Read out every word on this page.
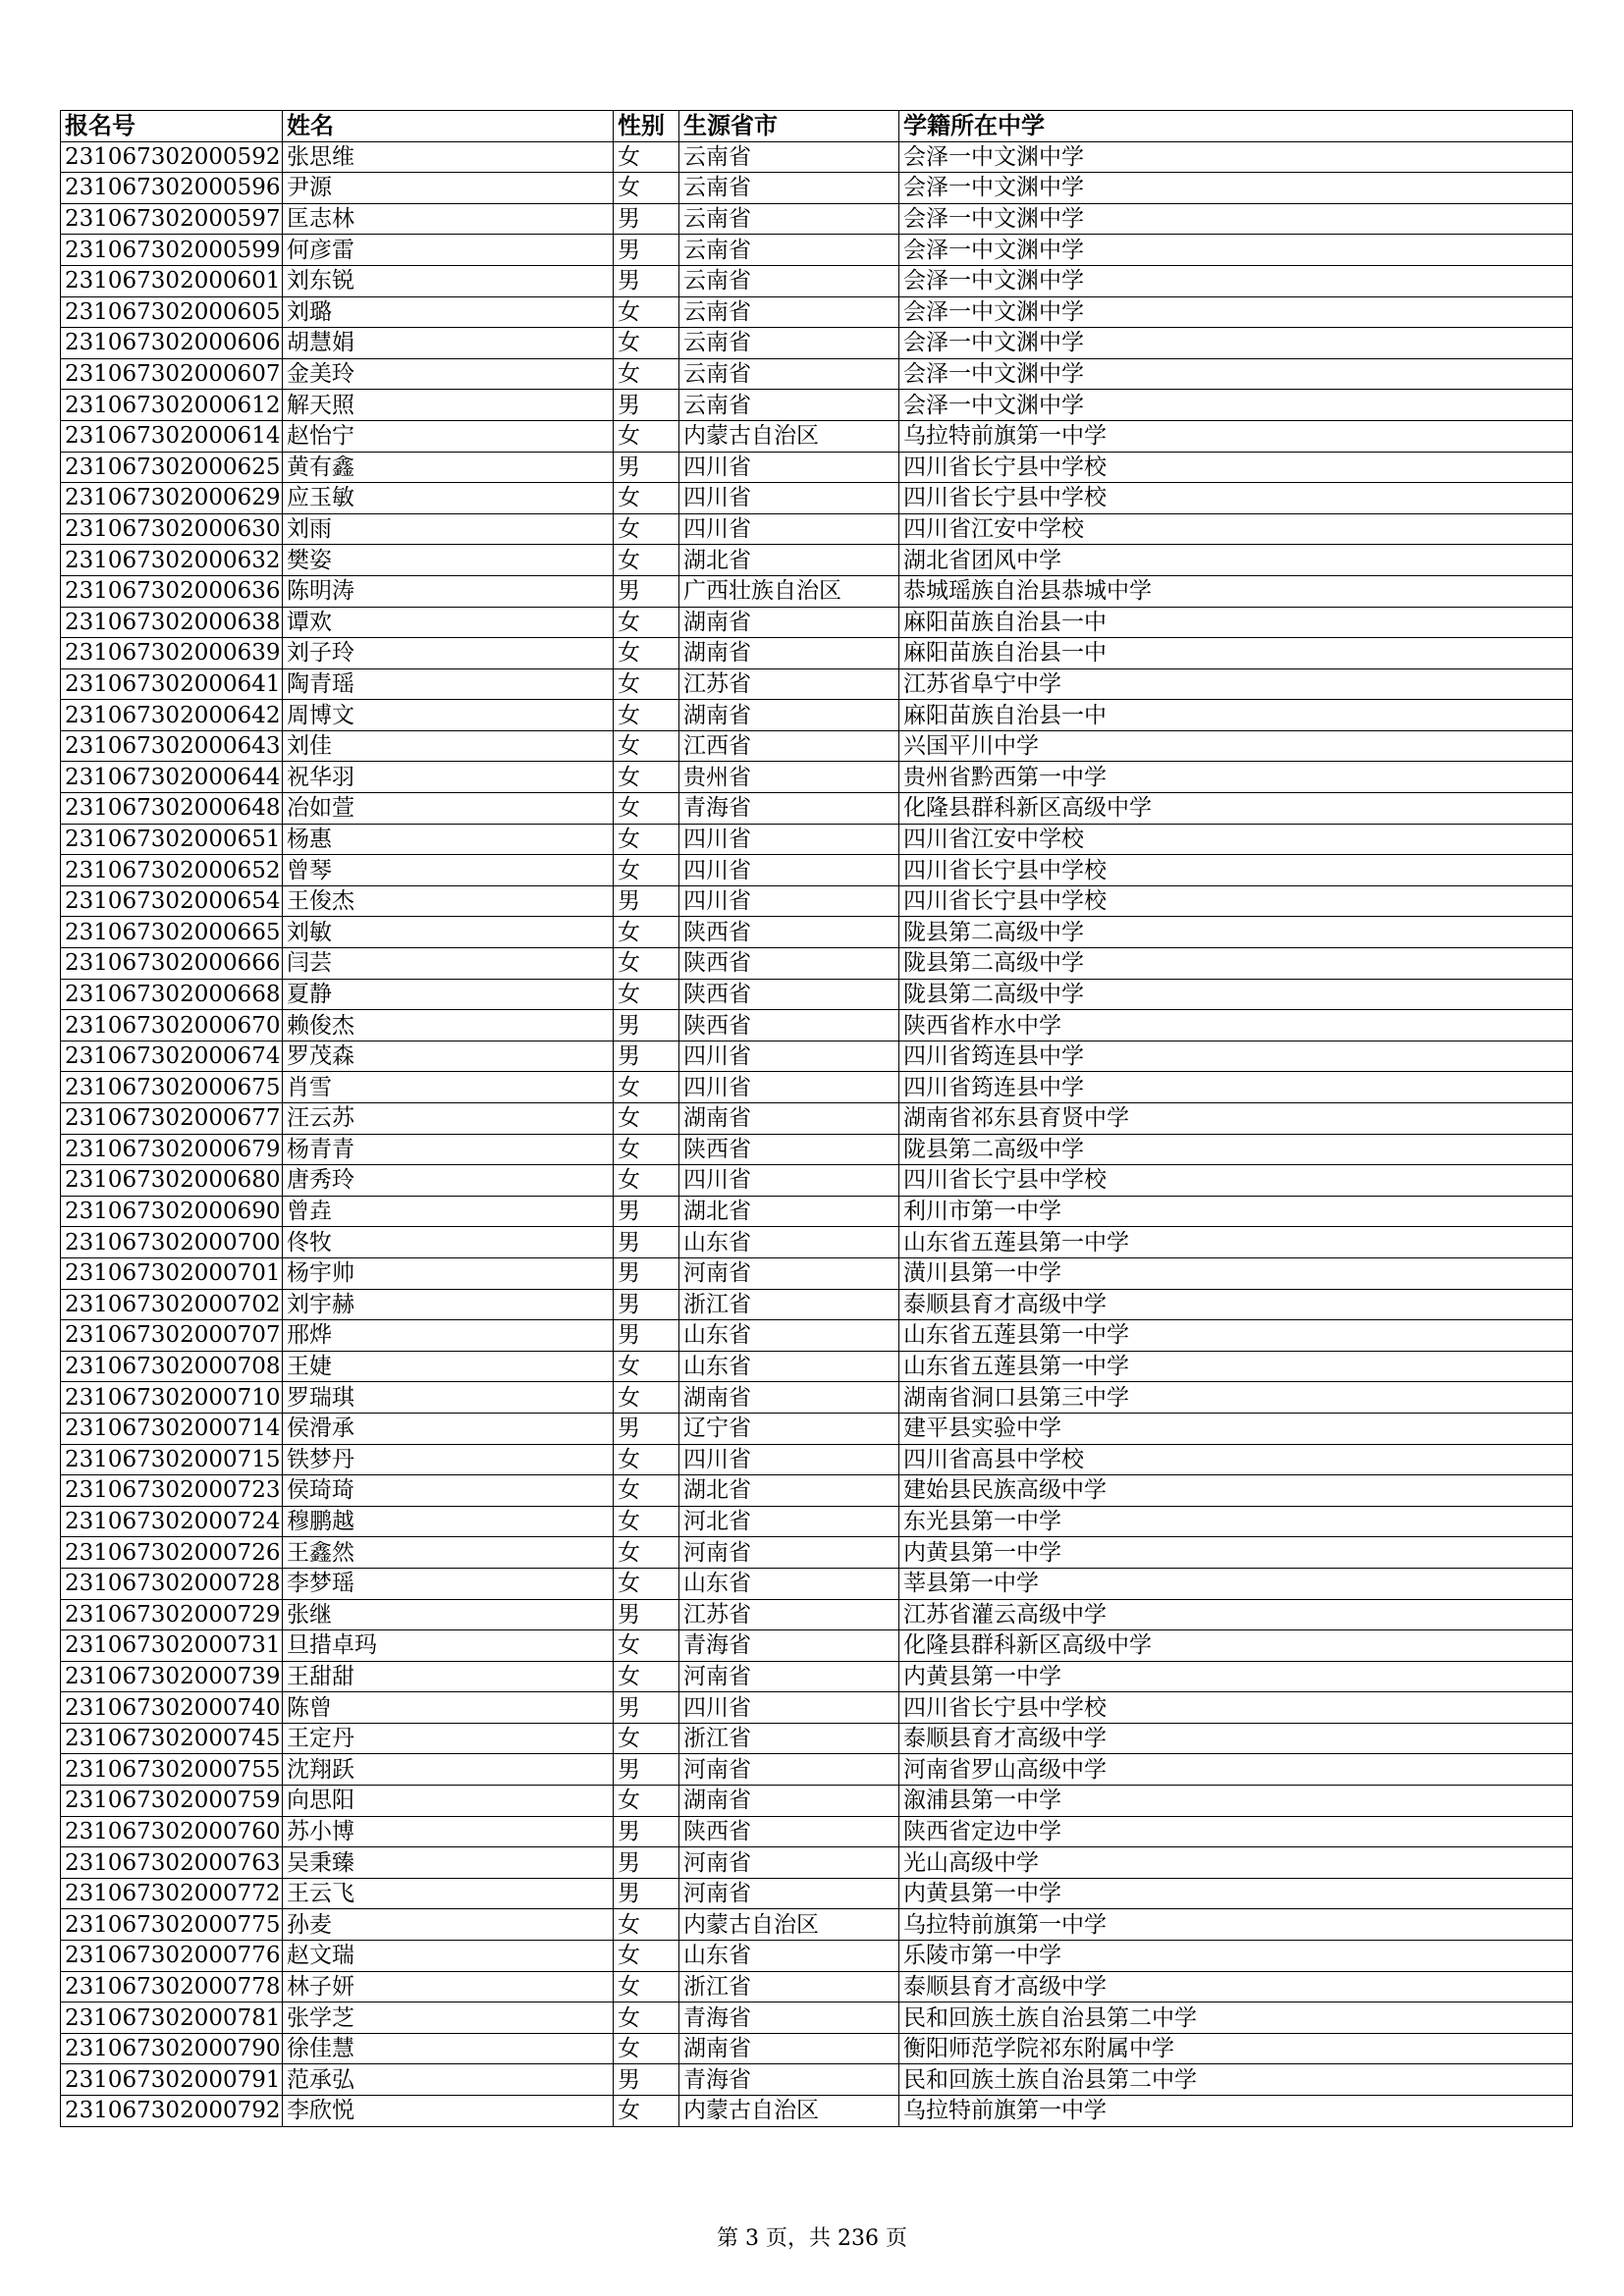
报名号	姓名	性别	生源省市	学籍所在中学
231067302000592	张思维	女	云南省	会泽一中文渊中学
231067302000596	尹源	女	云南省	会泽一中文渊中学
231067302000597	匡志林	男	云南省	会泽一中文渊中学
231067302000599	何彦雷	男	云南省	会泽一中文渊中学
231067302000601	刘东锐	男	云南省	会泽一中文渊中学
231067302000605	刘璐	女	云南省	会泽一中文渊中学
231067302000606	胡慧娟	女	云南省	会泽一中文渊中学
231067302000607	金美玲	女	云南省	会泽一中文渊中学
231067302000612	解天照	男	云南省	会泽一中文渊中学
231067302000614	赵怡宁	女	内蒙古自治区	乌拉特前旗第一中学
231067302000625	黄有鑫	男	四川省	四川省长宁县中学校
231067302000629	应玉敏	女	四川省	四川省长宁县中学校
231067302000630	刘雨	女	四川省	四川省江安中学校
231067302000632	樊姿	女	湖北省	湖北省团风中学
231067302000636	陈明涛	男	广西壮族自治区	恭城瑶族自治县恭城中学
231067302000638	谭欢	女	湖南省	麻阳苗族自治县一中
231067302000639	刘子玲	女	湖南省	麻阳苗族自治县一中
231067302000641	陶青瑶	女	江苏省	江苏省阜宁中学
231067302000642	周博文	女	湖南省	麻阳苗族自治县一中
231067302000643	刘佳	女	江西省	兴国平川中学
231067302000644	祝华羽	女	贵州省	贵州省黔西第一中学
231067302000648	冶如萱	女	青海省	化隆县群科新区高级中学
231067302000651	杨惠	女	四川省	四川省江安中学校
231067302000652	曾琴	女	四川省	四川省长宁县中学校
231067302000654	王俊杰	男	四川省	四川省长宁县中学校
231067302000665	刘敏	女	陕西省	陇县第二高级中学
231067302000666	闫芸	女	陕西省	陇县第二高级中学
231067302000668	夏静	女	陕西省	陇县第二高级中学
231067302000670	赖俊杰	男	陕西省	陕西省柞水中学
231067302000674	罗茂森	男	四川省	四川省筠连县中学
231067302000675	肖雪	女	四川省	四川省筠连县中学
231067302000677	汪云苏	女	湖南省	湖南省祁东县育贤中学
231067302000679	杨青青	女	陕西省	陇县第二高级中学
231067302000680	唐秀玲	女	四川省	四川省长宁县中学校
231067302000690	曾垚	男	湖北省	利川市第一中学
231067302000700	佟牧	男	山东省	山东省五莲县第一中学
231067302000701	杨宇帅	男	河南省	潢川县第一中学
231067302000702	刘宇赫	男	浙江省	泰顺县育才高级中学
231067302000707	邢烨	男	山东省	山东省五莲县第一中学
231067302000708	王婕	女	山东省	山东省五莲县第一中学
231067302000710	罗瑞琪	女	湖南省	湖南省洞口县第三中学
231067302000714	侯滑承	男	辽宁省	建平县实验中学
231067302000715	铁梦丹	女	四川省	四川省高县中学校
231067302000723	侯琦琦	女	湖北省	建始县民族高级中学
231067302000724	穆鹏越	女	河北省	东光县第一中学
231067302000726	王鑫然	女	河南省	内黄县第一中学
231067302000728	李梦瑶	女	山东省	莘县第一中学
231067302000729	张继	男	江苏省	江苏省灌云高级中学
231067302000731	旦措卓玛	女	青海省	化隆县群科新区高级中学
231067302000739	王甜甜	女	河南省	内黄县第一中学
231067302000740	陈曾	男	四川省	四川省长宁县中学校
231067302000745	王定丹	女	浙江省	泰顺县育才高级中学
231067302000755	沈翔跃	男	河南省	河南省罗山高级中学
231067302000759	向思阳	女	湖南省	溆浦县第一中学
231067302000760	苏小博	男	陕西省	陕西省定边中学
231067302000763	吴秉臻	男	河南省	光山高级中学
231067302000772	王云飞	男	河南省	内黄县第一中学
231067302000775	孙麦	女	内蒙古自治区	乌拉特前旗第一中学
231067302000776	赵文瑞	女	山东省	乐陵市第一中学
231067302000778	林子妍	女	浙江省	泰顺县育才高级中学
231067302000781	张学芝	女	青海省	民和回族土族自治县第二中学
231067302000790	徐佳慧	女	湖南省	衡阳师范学院祁东附属中学
231067302000791	范承弘	男	青海省	民和回族土族自治县第二中学
231067302000792	李欣悦	女	内蒙古自治区	乌拉特前旗第一中学
第 3 页，共 236 页
